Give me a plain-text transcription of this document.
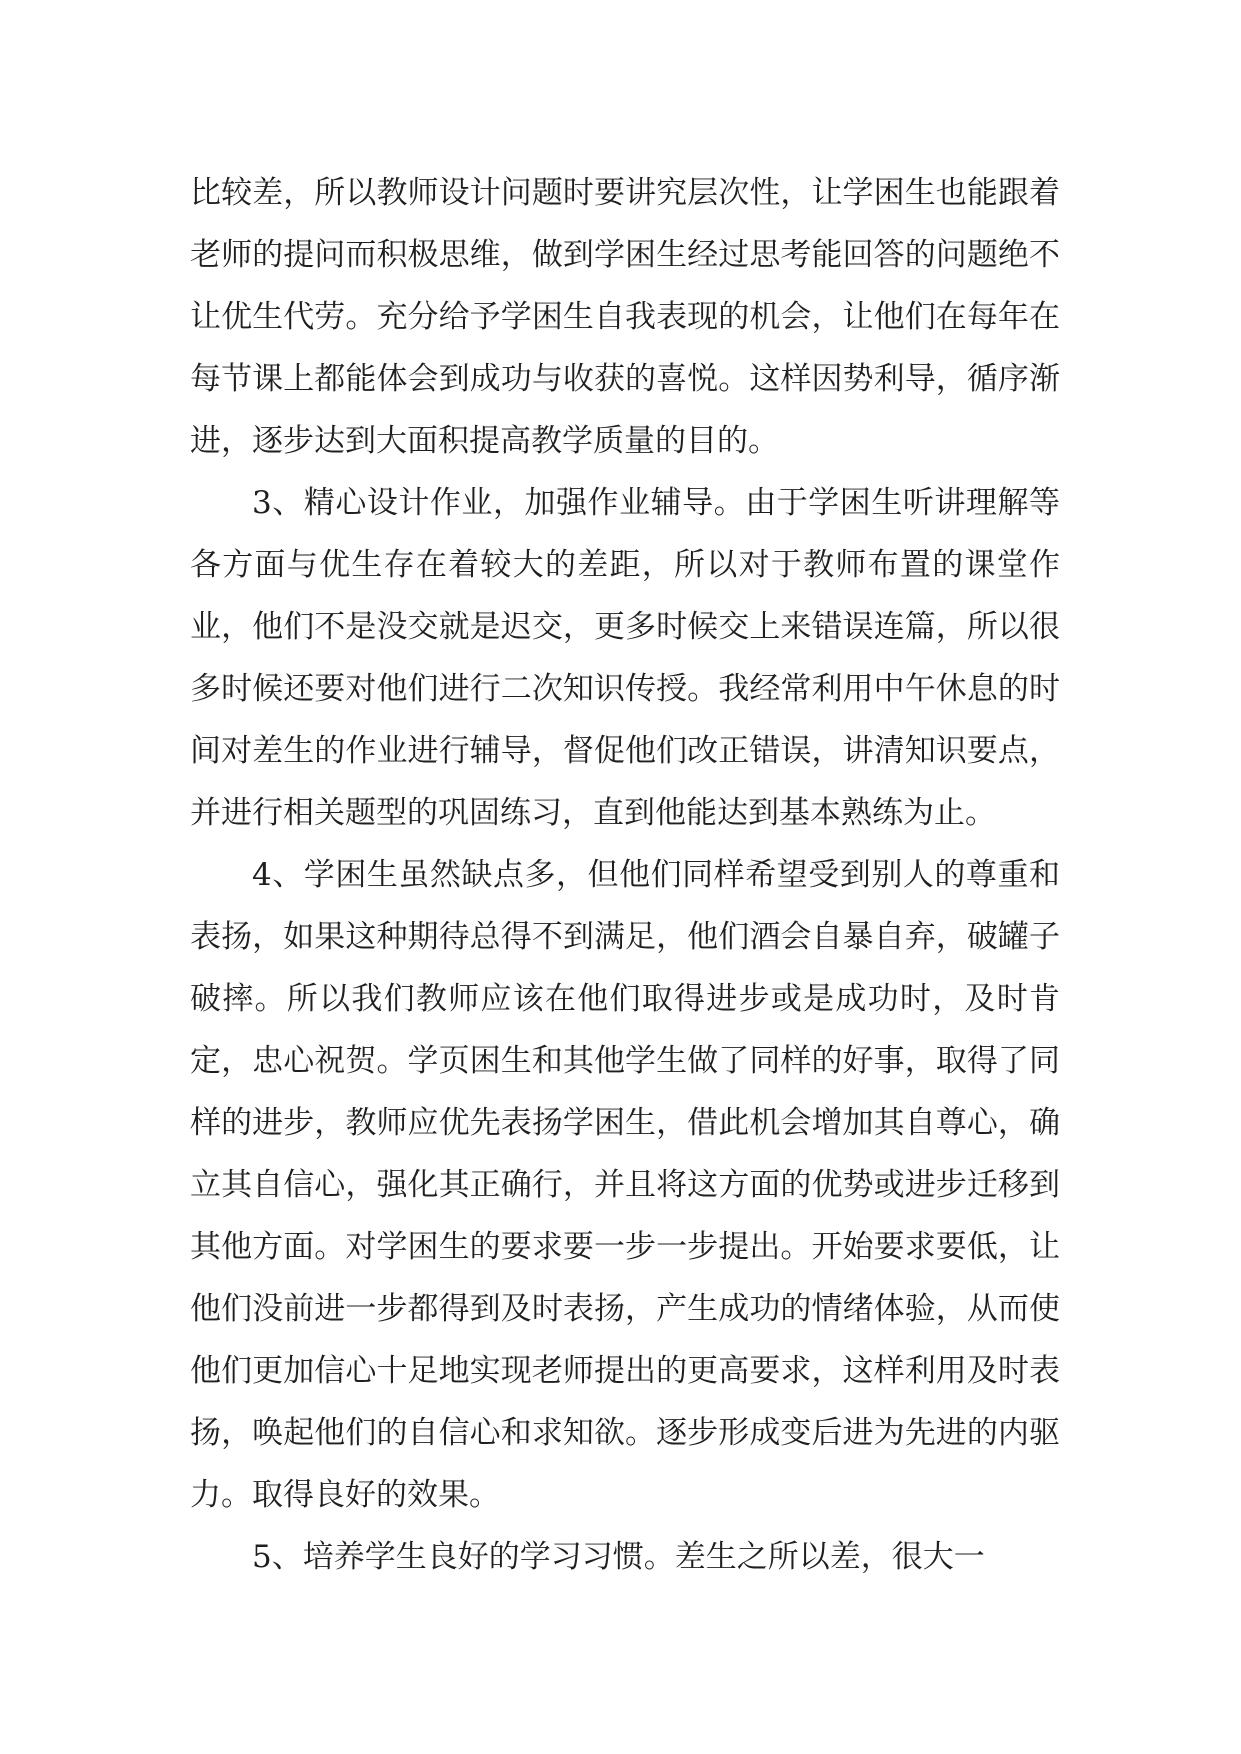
比较差，所以教师设计问题时要讲究层次性，让学困生也能跟着老师的提问而积极思维，做到学困生经过思考能回答的问题绝不让优生代劳。充分给予学困生自我表现的机会，让他们在每年在每节课上都能体会到成功与收获的喜悦。这样因势利导，循序渐进，逐步达到大面积提高教学质量的目的。

3、精心设计作业，加强作业辅导。由于学困生听讲理解等各方面与优生存在着较大的差距，所以对于教师布置的课堂作业，他们不是没交就是迟交，更多时候交上来错误连篇，所以很多时候还要对他们进行二次知识传授。我经常利用中午休息的时间对差生的作业进行辅导，督促他们改正错误，讲清知识要点，并进行相关题型的巩固练习，直到他能达到基本熟练为止。

4、学困生虽然缺点多，但他们同样希望受到别人的尊重和表扬，如果这种期待总得不到满足，他们酒会自暴自弃，破罐子破摔。所以我们教师应该在他们取得进步或是成功时，及时肯定，忠心祝贺。学页困生和其他学生做了同样的好事，取得了同样的进步，教师应优先表扬学困生，借此机会增加其自尊心，确立其自信心，强化其正确行，并且将这方面的优势或进步迁移到其他方面。对学困生的要求要一步一步提出。开始要求要低，让他们没前进一步都得到及时表扬，产生成功的情绪体验，从而使他们更加信心十足地实现老师提出的更高要求，这样利用及时表扬，唤起他们的自信心和求知欲。逐步形成变后进为先进的内驱力。取得良好的效果。

5、培养学生良好的学习习惯。差生之所以差，很大一
